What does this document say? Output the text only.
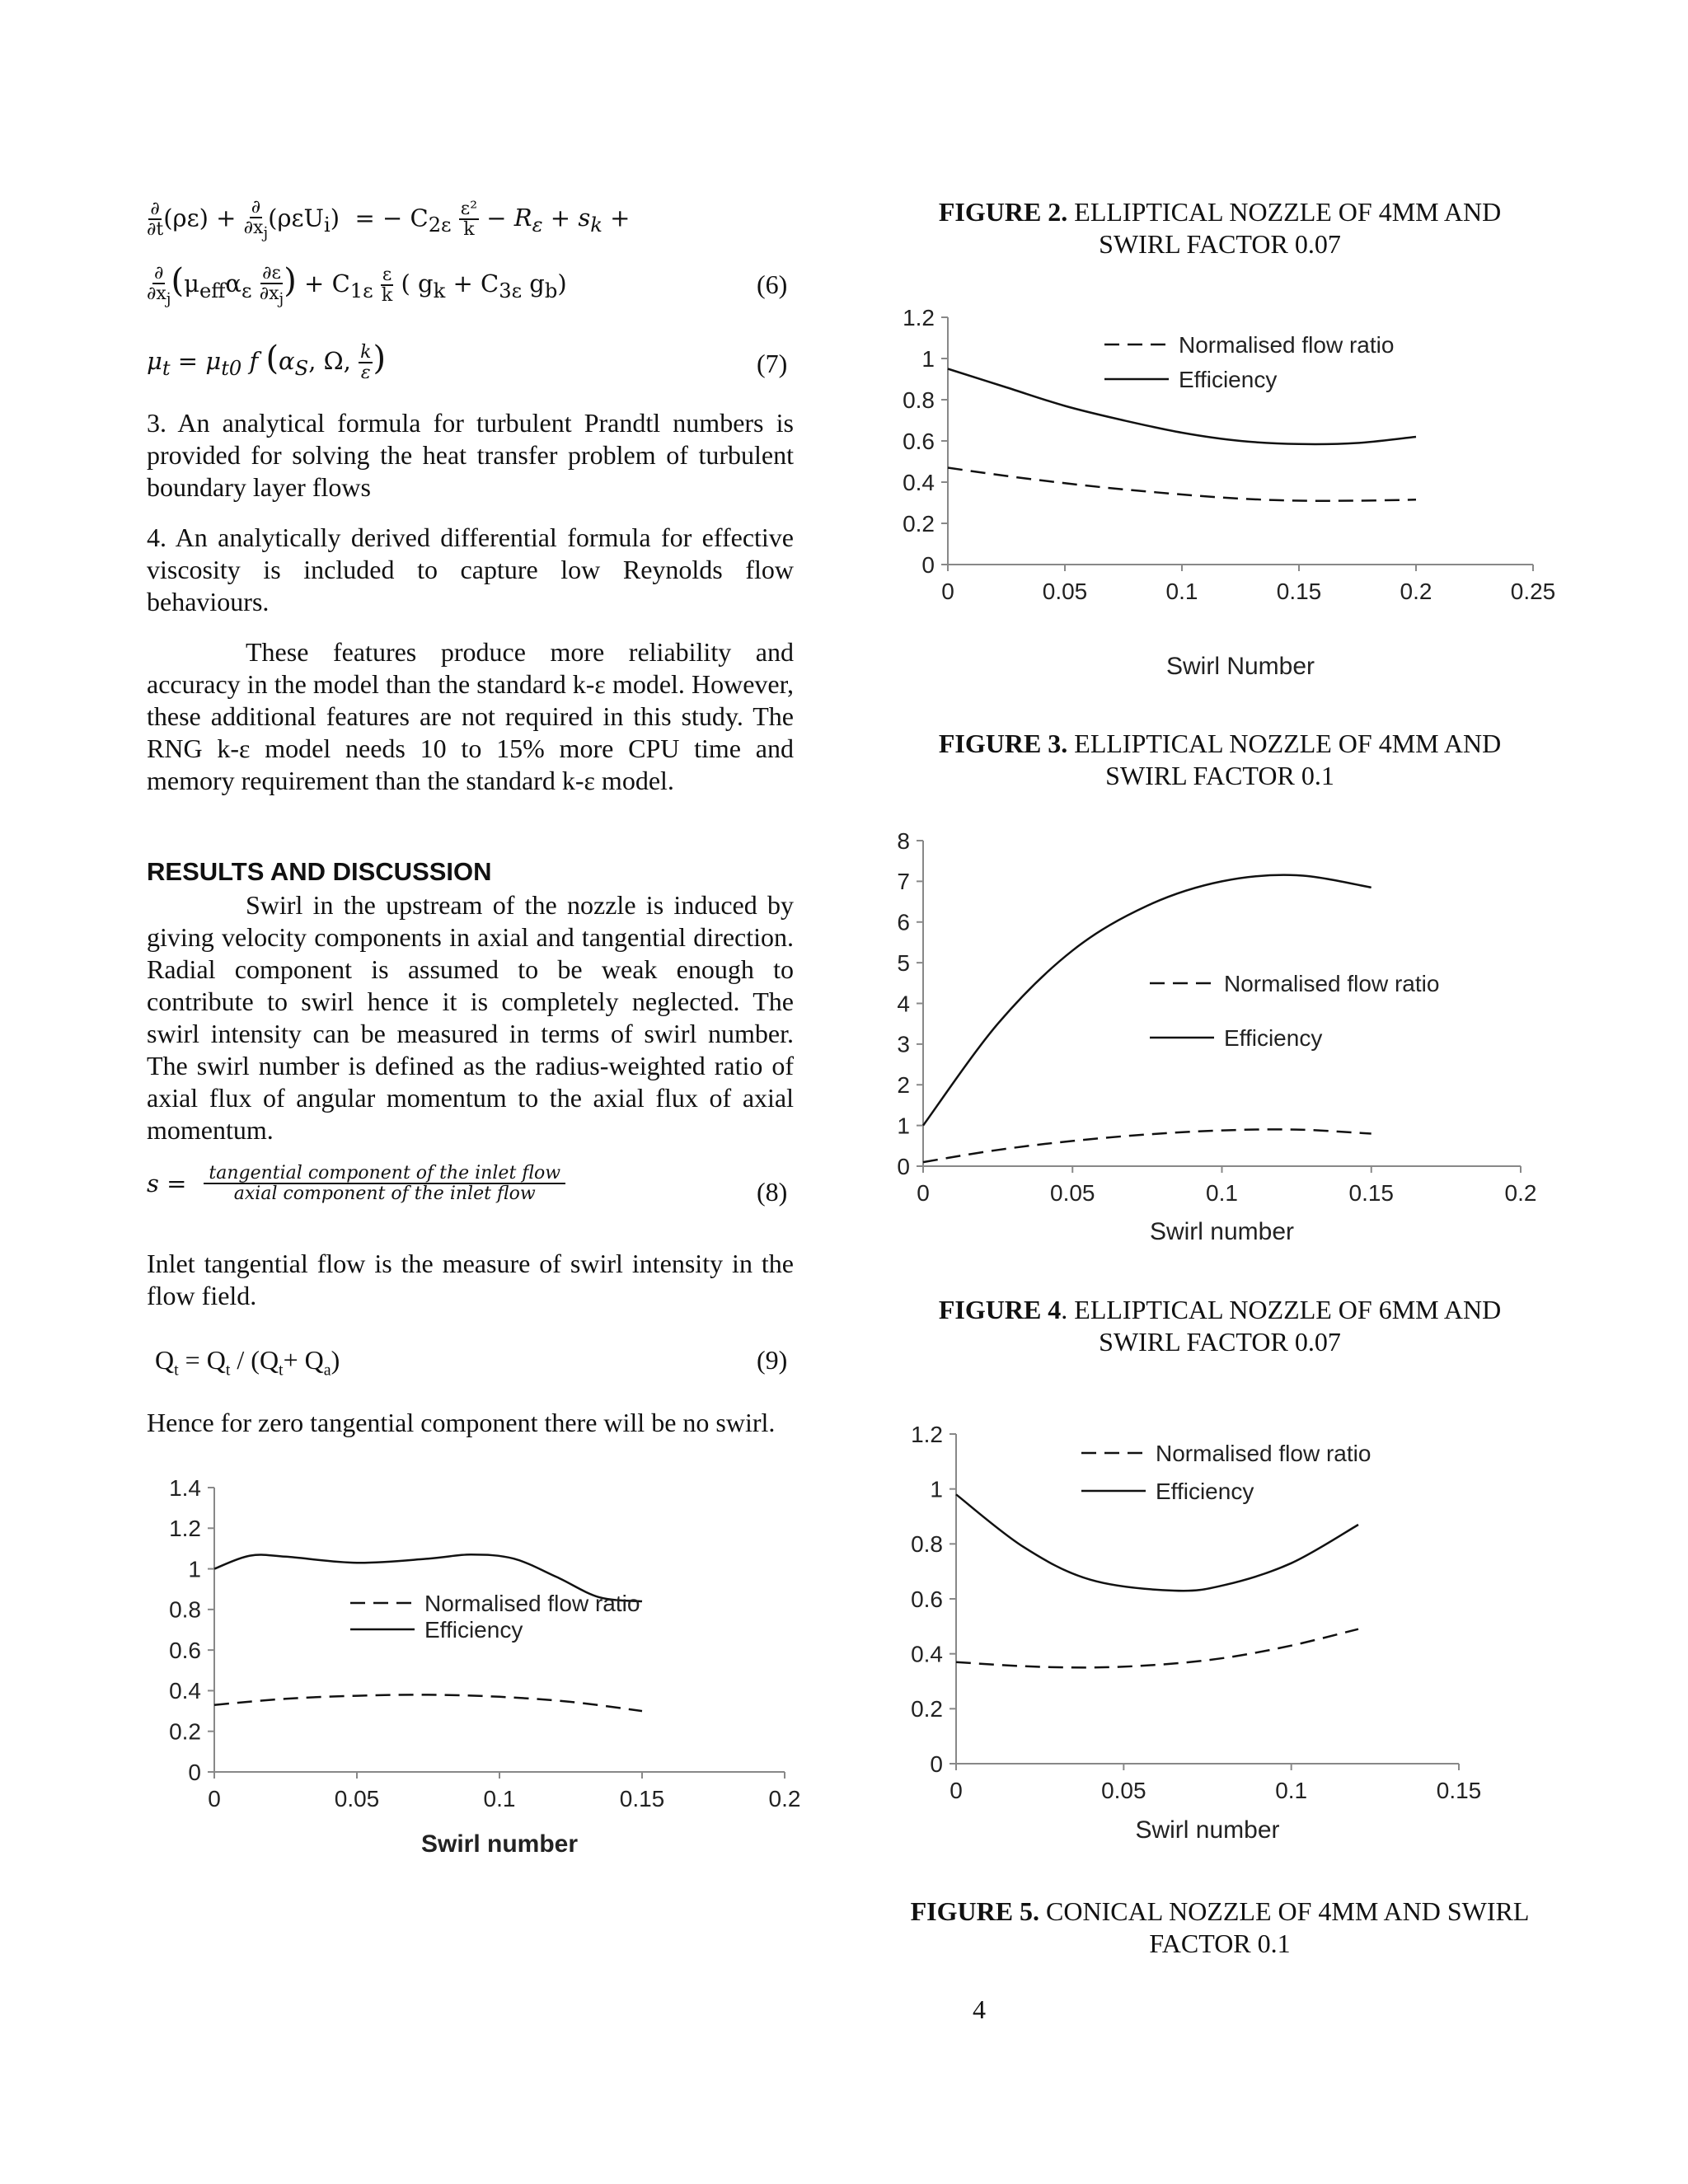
$\frac{\partial}{\partial t} (\rho\varepsilon) + \frac{\partial}{\partial x_j} (\rho\varepsilon U_i)$  = − $C_{2\varepsilon} \frac{\text{ε²}}{k} - R_\varepsilon + s_k$ +
$\frac{\partial}{\partial x_j} (\mu_{eff}\alpha_\varepsilon \frac{\partial\varepsilon}{\partial x_j}$ ) + $C_{1\varepsilon} \frac{\varepsilon}{k}$ ( $g_k + C_{3\varepsilon}$ $g_b$)	(6)
$\mu_t = \mu_{t0}$ f ($\alpha_S$, Ω, $\frac{k}{\varepsilon}$ )	(7)
3. An analytical formula for turbulent Prandtl numbers is provided for solving the heat transfer problem of turbulent boundary layer flows
4. An analytically derived differential formula for effective viscosity is included to capture low Reynolds flow behaviours.
These features produce more reliability and accuracy in the model than the standard k-ε model. However, these additional features are not required in this study. The RNG k-ε model needs 10 to 15% more CPU time and memory requirement than the standard k-ε model.
RESULTS AND DISCUSSION
Swirl in the upstream of the nozzle is induced by giving velocity components in axial and tangential direction. Radial component is assumed to be weak enough to contribute to swirl hence it is completely neglected. The swirl intensity can be measured in terms of swirl number. The swirl number is defined as the radius-weighted ratio of axial flux of angular momentum to the axial flux of axial momentum.
$s = \frac{\text{tangential component of the inlet flow}}{\text{axial component of the inlet flow}}$	(8)
Inlet tangential flow is the measure of swirl intensity in the flow field.
$Q_t = Q_t / (Q_t+ Q_a)$	(9)
Hence for zero tangential component there will be no swirl.
0
0.2
0.4
0.6
0.8
1
1.2
1.4
0	0.05	0.1	0.15	0.2
Swirl number
Normalised flow ratio
Efficiency
FIGURE 2. ELLIPTICAL NOZZLE OF 4MM AND
SWIRL FACTOR 0.07
0
0.2
0.4
0.6
0.8
1
1.2
0	0.05	0.1	0.15	0.2	0.25
Swirl Number
Normalised flow ratio
Efficiency
FIGURE 3. ELLIPTICAL NOZZLE OF 4MM AND
SWIRL FACTOR 0.1
0
1
2
3
4
5
6
7
8
0	0.05	0.1	0.15	0.2
Swirl number
Normalised flow ratio
Efficiency
FIGURE 4. ELLIPTICAL NOZZLE OF 6MM AND
SWIRL FACTOR 0.07
0
0.2
0.4
0.6
0.8
1
1.2
0	0.05	0.1	0.15
Swirl number
Normalised flow ratio
Efficiency
FIGURE 5. CONICAL NOZZLE OF 4MM AND SWIRL
FACTOR 0.1
4
